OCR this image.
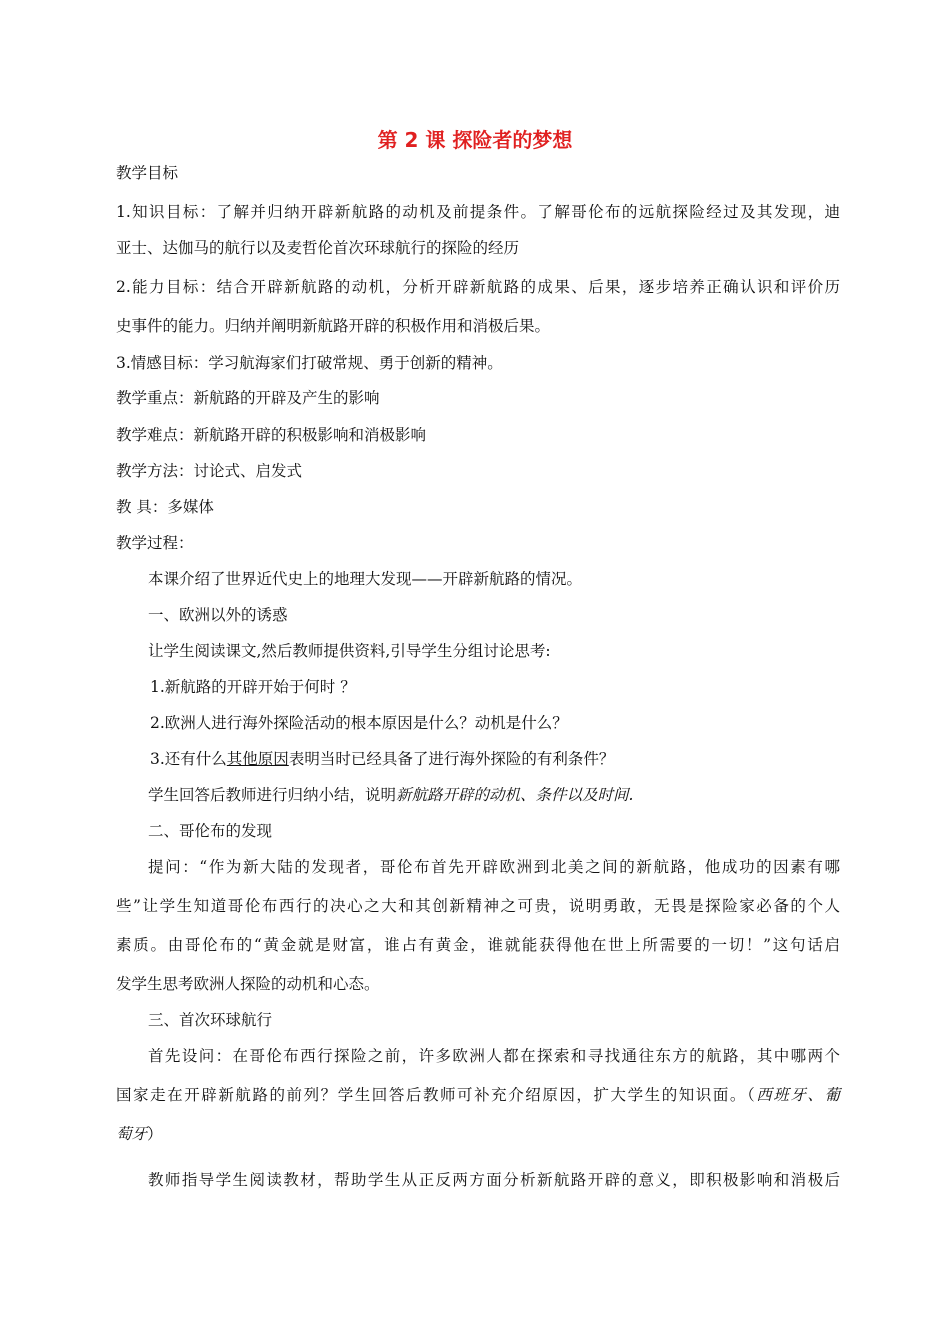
第 2 课 探险者的梦想
教学目标
1.知识目标：了解并归纳开辟新航路的动机及前提条件。了解哥伦布的远航探险经过及其发现，迪
亚士、达伽马的航行以及麦哲伦首次环球航行的探险的经历
2.能力目标：结合开辟新航路的动机，分析开辟新航路的成果、后果，逐步培养正确认识和评价历
史事件的能力。归纳并阐明新航路开辟的积极作用和消极后果。
3.情感目标：学习航海家们打破常规、勇于创新的精神。
教学重点：新航路的开辟及产生的影响
教学难点：新航路开辟的积极影响和消极影响
教学方法：讨论式、启发式
教 具：多媒体
教学过程：
本课介绍了世界近代史上的地理大发现——开辟新航路的情况。
一、欧洲以外的诱惑
让学生阅读课文,然后教师提供资料,引导学生分组讨论思考:
1.新航路的开辟开始于何时 ？
2.欧洲人进行海外探险活动的根本原因是什么？动机是什么？
3.还有什么其他原因表明当时已经具备了进行海外探险的有利条件？
学生回答后教师进行归纳小结，说明新航路开辟的动机、条件以及时间.
二、哥伦布的发现
提问：“作为新大陆的发现者，哥伦布首先开辟欧洲到北美之间的新航路，他成功的因素有哪
些”让学生知道哥伦布西行的决心之大和其创新精神之可贵，说明勇敢，无畏是探险家必备的个人
素质。由哥伦布的“黄金就是财富，谁占有黄金，谁就能获得他在世上所需要的一切！”这句话启
发学生思考欧洲人探险的动机和心态。
三、首次环球航行
首先设问：在哥伦布西行探险之前，许多欧洲人都在探索和寻找通往东方的航路，其中哪两个
国家走在开辟新航路的前列？学生回答后教师可补充介绍原因，扩大学生的知识面。（西班牙、葡
萄牙）
教师指导学生阅读教材，帮助学生从正反两方面分析新航路开辟的意义，即积极影响和消极后
